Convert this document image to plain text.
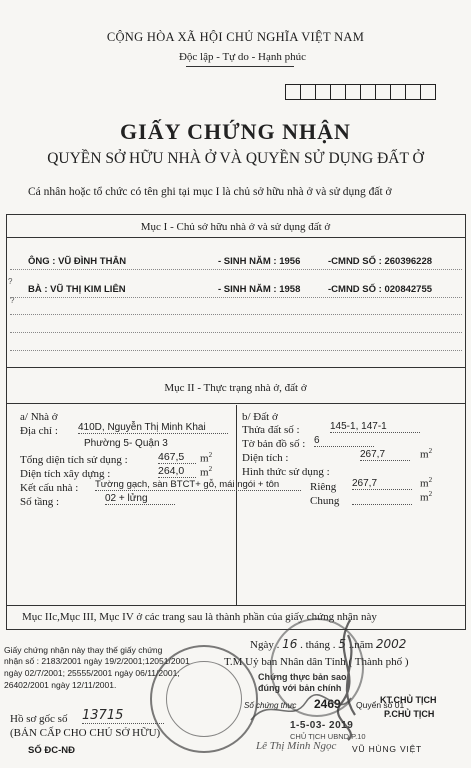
CỘNG HÒA XÃ HỘI CHỦ NGHĨA VIỆT NAM
Độc lập - Tự do - Hạnh phúc
GIẤY CHỨNG NHẬN
QUYỀN SỞ HỮU NHÀ Ở VÀ QUYỀN SỬ DỤNG ĐẤT Ở
Cá nhân hoặc tổ chức có tên ghi tại mục I là chủ sở hữu nhà ở và sử dụng đất ở
Mục I - Chủ sở hữu nhà ở và sử dụng đất ở
ÔNG : VŨ ĐÌNH THÂN	- SINH NĂM : 1956	-CMND SỐ : 260396228
?
BÀ : VŨ THỊ KIM LIÊN	- SINH NĂM : 1958	-CMND SỐ : 020842755
?
Mục II - Thực trạng nhà ở, đất ở
a/ Nhà ở
Địa chỉ : 410D, Nguyễn Thị Minh Khai
Phường 5- Quận 3
Tổng diện tích sử dụng :	467,5	$m^2$
Diện tích xây dựng :	264,0	$m^2$
Kết cấu nhà : Tường gạch, sàn BTCT+ gỗ, mái ngói + tôn
Số tầng :	02 + lửng
b/ Đất ở
Thửa đất số :	145-1, 147-1
Tờ bản đồ số : 6
Diện tích :	267,7	$m^2$
Hình thức sử dụng :
Riêng 267,7	$m^2$
Chung	$m^2$
Mục IIc,Mục III, Mục IV ở các trang sau là thành phần của giấy chứng nhận này
Giấy chứng nhận này thay thế giấy chứng
nhận số : 2183/2001 ngày 19/2/2001;12051/2001
ngày 02/7/2001; 25555/2001 ngày 06/11/2001;
26402/2001 ngày 12/11/2001.
Ngày . 16 . tháng . 5 ..năm 2002
T.M Uỷ ban Nhân dân Tỉnh ( Thành phố )
Chứng thực bản sao
đúng với bản chính
Số chứng thực 2469 Quyển số 01
1-5-03- 2019
CHỦ TỊCH UBND P.10
KT.CHỦ TỊCH
P.CHỦ TỊCH
Hồ sơ gốc số 13715
(BẢN CẤP CHO CHỦ SỞ HỮU)
SỐ ĐC-NĐ	Lê Thị Minh Ngọc VŨ HÙNG VIỆT
